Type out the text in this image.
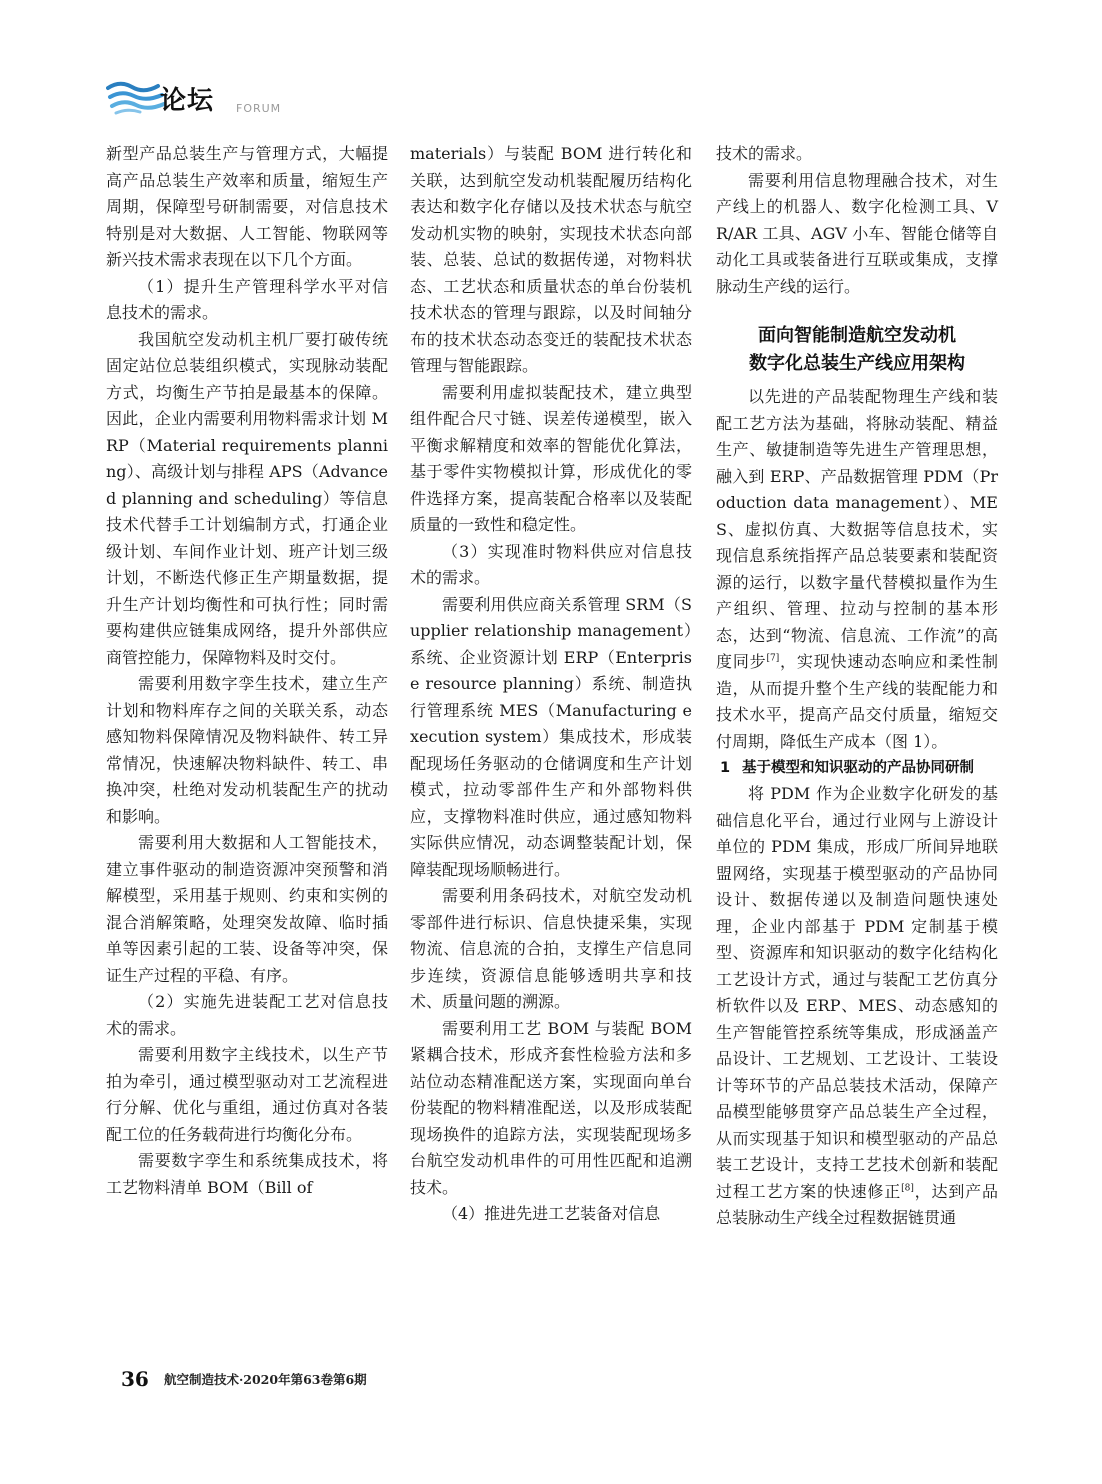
论坛 FORUM

新型产品总装生产与管理方式，大幅提高产品总装生产效率和质量，缩短生产周期，保障型号研制需要，对信息技术特别是对大数据、人工智能、物联网等新兴技术需求表现在以下几个方面。

（1）提升生产管理科学水平对信息技术的需求。

我国航空发动机主机厂要打破传统固定站位总装组织模式，实现脉动装配方式，均衡生产节拍是最基本的保障。因此，企业内需要利用物料需求计划 MRP（Material requirements planning）、高级计划与排程 APS（Advanced planning and scheduling）等信息技术代替手工计划编制方式，打通企业级计划、车间作业计划、班产计划三级计划，不断迭代修正生产期量数据，提升生产计划均衡性和可执行性；同时需要构建供应链集成网络，提升外部供应商管控能力，保障物料及时交付。

需要利用数字孪生技术，建立生产计划和物料库存之间的关联关系，动态感知物料保障情况及物料缺件、转工异常情况，快速解决物料缺件、转工、串换冲突，杜绝对发动机装配生产的扰动和影响。

需要利用大数据和人工智能技术，建立事件驱动的制造资源冲突预警和消解模型，采用基于规则、约束和实例的混合消解策略，处理突发故障、临时插单等因素引起的工装、设备等冲突，保证生产过程的平稳、有序。

（2）实施先进装配工艺对信息技术的需求。

需要利用数字主线技术，以生产节拍为牵引，通过模型驱动对工艺流程进行分解、优化与重组，通过仿真对各装配工位的任务载荷进行均衡化分布。

需要数字孪生和系统集成技术，将工艺物料清单 BOM（Bill of

materials）与装配 BOM 进行转化和关联，达到航空发动机装配履历结构化表达和数字化存储以及技术状态与航空发动机实物的映射，实现技术状态向部装、总装、总试的数据传递，对物料状态、工艺状态和质量状态的单台份装机技术状态的管理与跟踪，以及时间轴分布的技术状态动态变迁的装配技术状态管理与智能跟踪。

需要利用虚拟装配技术，建立典型组件配合尺寸链、误差传递模型，嵌入平衡求解精度和效率的智能优化算法，基于零件实物模拟计算，形成优化的零件选择方案，提高装配合格率以及装配质量的一致性和稳定性。

（3）实现准时物料供应对信息技术的需求。

需要利用供应商关系管理 SRM（Supplier relationship management）系统、企业资源计划 ERP（Enterprise resource planning）系统、制造执行管理系统 MES（Manufacturing execution system）集成技术，形成装配现场任务驱动的仓储调度和生产计划模式，拉动零部件生产和外部物料供应，支撑物料准时供应，通过感知物料实际供应情况，动态调整装配计划，保障装配现场顺畅进行。

需要利用条码技术，对航空发动机零部件进行标识、信息快捷采集，实现物流、信息流的合拍，支撑生产信息同步连续，资源信息能够透明共享和技术、质量问题的溯源。

需要利用工艺 BOM 与装配 BOM 紧耦合技术，形成齐套性检验方法和多站位动态精准配送方案，实现面向单台份装配的物料精准配送，以及形成装配现场换件的追踪方法，实现装配现场多台航空发动机串件的可用性匹配和追溯技术。

（4）推进先进工艺装备对信息

技术的需求。

需要利用信息物理融合技术，对生产线上的机器人、数字化检测工具、VR/AR 工具、AGV 小车、智能仓储等自动化工具或装备进行互联或集成，支撑脉动生产线的运行。

面向智能制造航空发动机
数字化总装生产线应用架构

以先进的产品装配物理生产线和装配工艺方法为基础，将脉动装配、精益生产、敏捷制造等先进生产管理思想，融入到 ERP、产品数据管理 PDM（Production data management）、MES、虚拟仿真、大数据等信息技术，实现信息系统指挥产品总装要素和装配资源的运行，以数字量代替模拟量作为生产组织、管理、拉动与控制的基本形态，达到“物流、信息流、工作流”的高度同步[7]，实现快速动态响应和柔性制造，从而提升整个生产线的装配能力和技术水平，提高产品交付质量，缩短交付周期，降低生产成本（图 1）。

1 基于模型和知识驱动的产品协同研制

将 PDM 作为企业数字化研发的基础信息化平台，通过行业网与上游设计单位的 PDM 集成，形成厂所间异地联盟网络，实现基于模型驱动的产品协同设计、数据传递以及制造问题快速处理，企业内部基于 PDM 定制基于模型、资源库和知识驱动的数字化结构化工艺设计方式，通过与装配工艺仿真分析软件以及 ERP、MES、动态感知的生产智能管控系统等集成，形成涵盖产品设计、工艺规划、工艺设计、工装设计等环节的产品总装技术活动，保障产品模型能够贯穿产品总装生产全过程，从而实现基于知识和模型驱动的产品总装工艺设计，支持工艺技术创新和装配过程工艺方案的快速修正[8]，达到产品总装脉动生产线全过程数据链贯通

36 航空制造技术·2020年第63卷第6期
